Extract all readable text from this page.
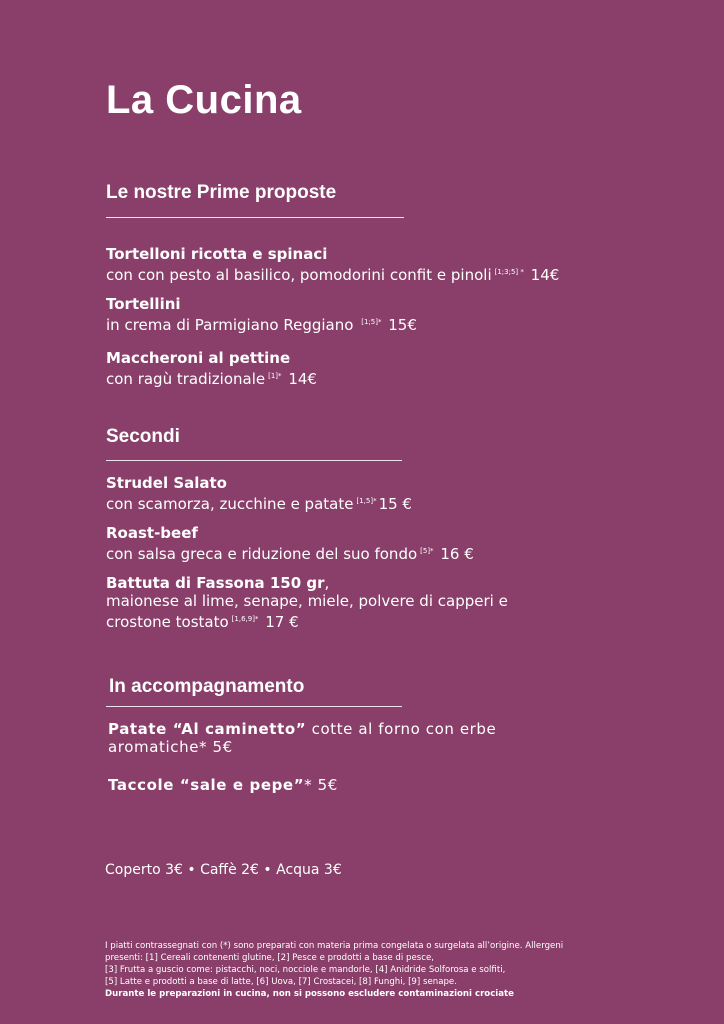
La Cucina
Le nostre Prime proposte
Tortelloni ricotta e spinaci
con con pesto al basilico, pomodorini confit e pinoli $^{[1;3;5] *}$ 14€
Tortellini
in crema di Parmigiano Reggiano $^{[1;5]*}$ 15€
Maccheroni al pettine
con ragù tradizionale $^{[1]*}$ 14€
Secondi
Strudel Salato
con scamorza, zucchine e patate $^{[1,5]*}$ 15 €
Roast-beef
con salsa greca e riduzione del suo fondo $^{[5]*}$ 16 €
Battuta di Fassona 150 gr,
maionese al lime, senape, miele, polvere di capperi e
crostone tostato $^{[1,6,9]*}$ 17 €
In accompagnamento
Patate “Al caminetto” cotte al forno con erbe
aromatiche* 5€
Taccole “sale e pepe”* 5€
Coperto 3€ • Caffè 2€ • Acqua 3€
I piatti contrassegnati con (*) sono preparati con materia prima congelata o surgelata all’origine. Allergeni
presenti: [1] Cereali contenenti glutine, [2] Pesce e prodotti a base di pesce,
[3] Frutta a guscio come: pistacchi, noci, nocciole e mandorle, [4] Anidride Solforosa e solfiti,
[5] Latte e prodotti a base di latte, [6] Uova, [7] Crostacei, [8] Funghi, [9] senape.
Durante le preparazioni in cucina, non si possono escludere contaminazioni crociate
